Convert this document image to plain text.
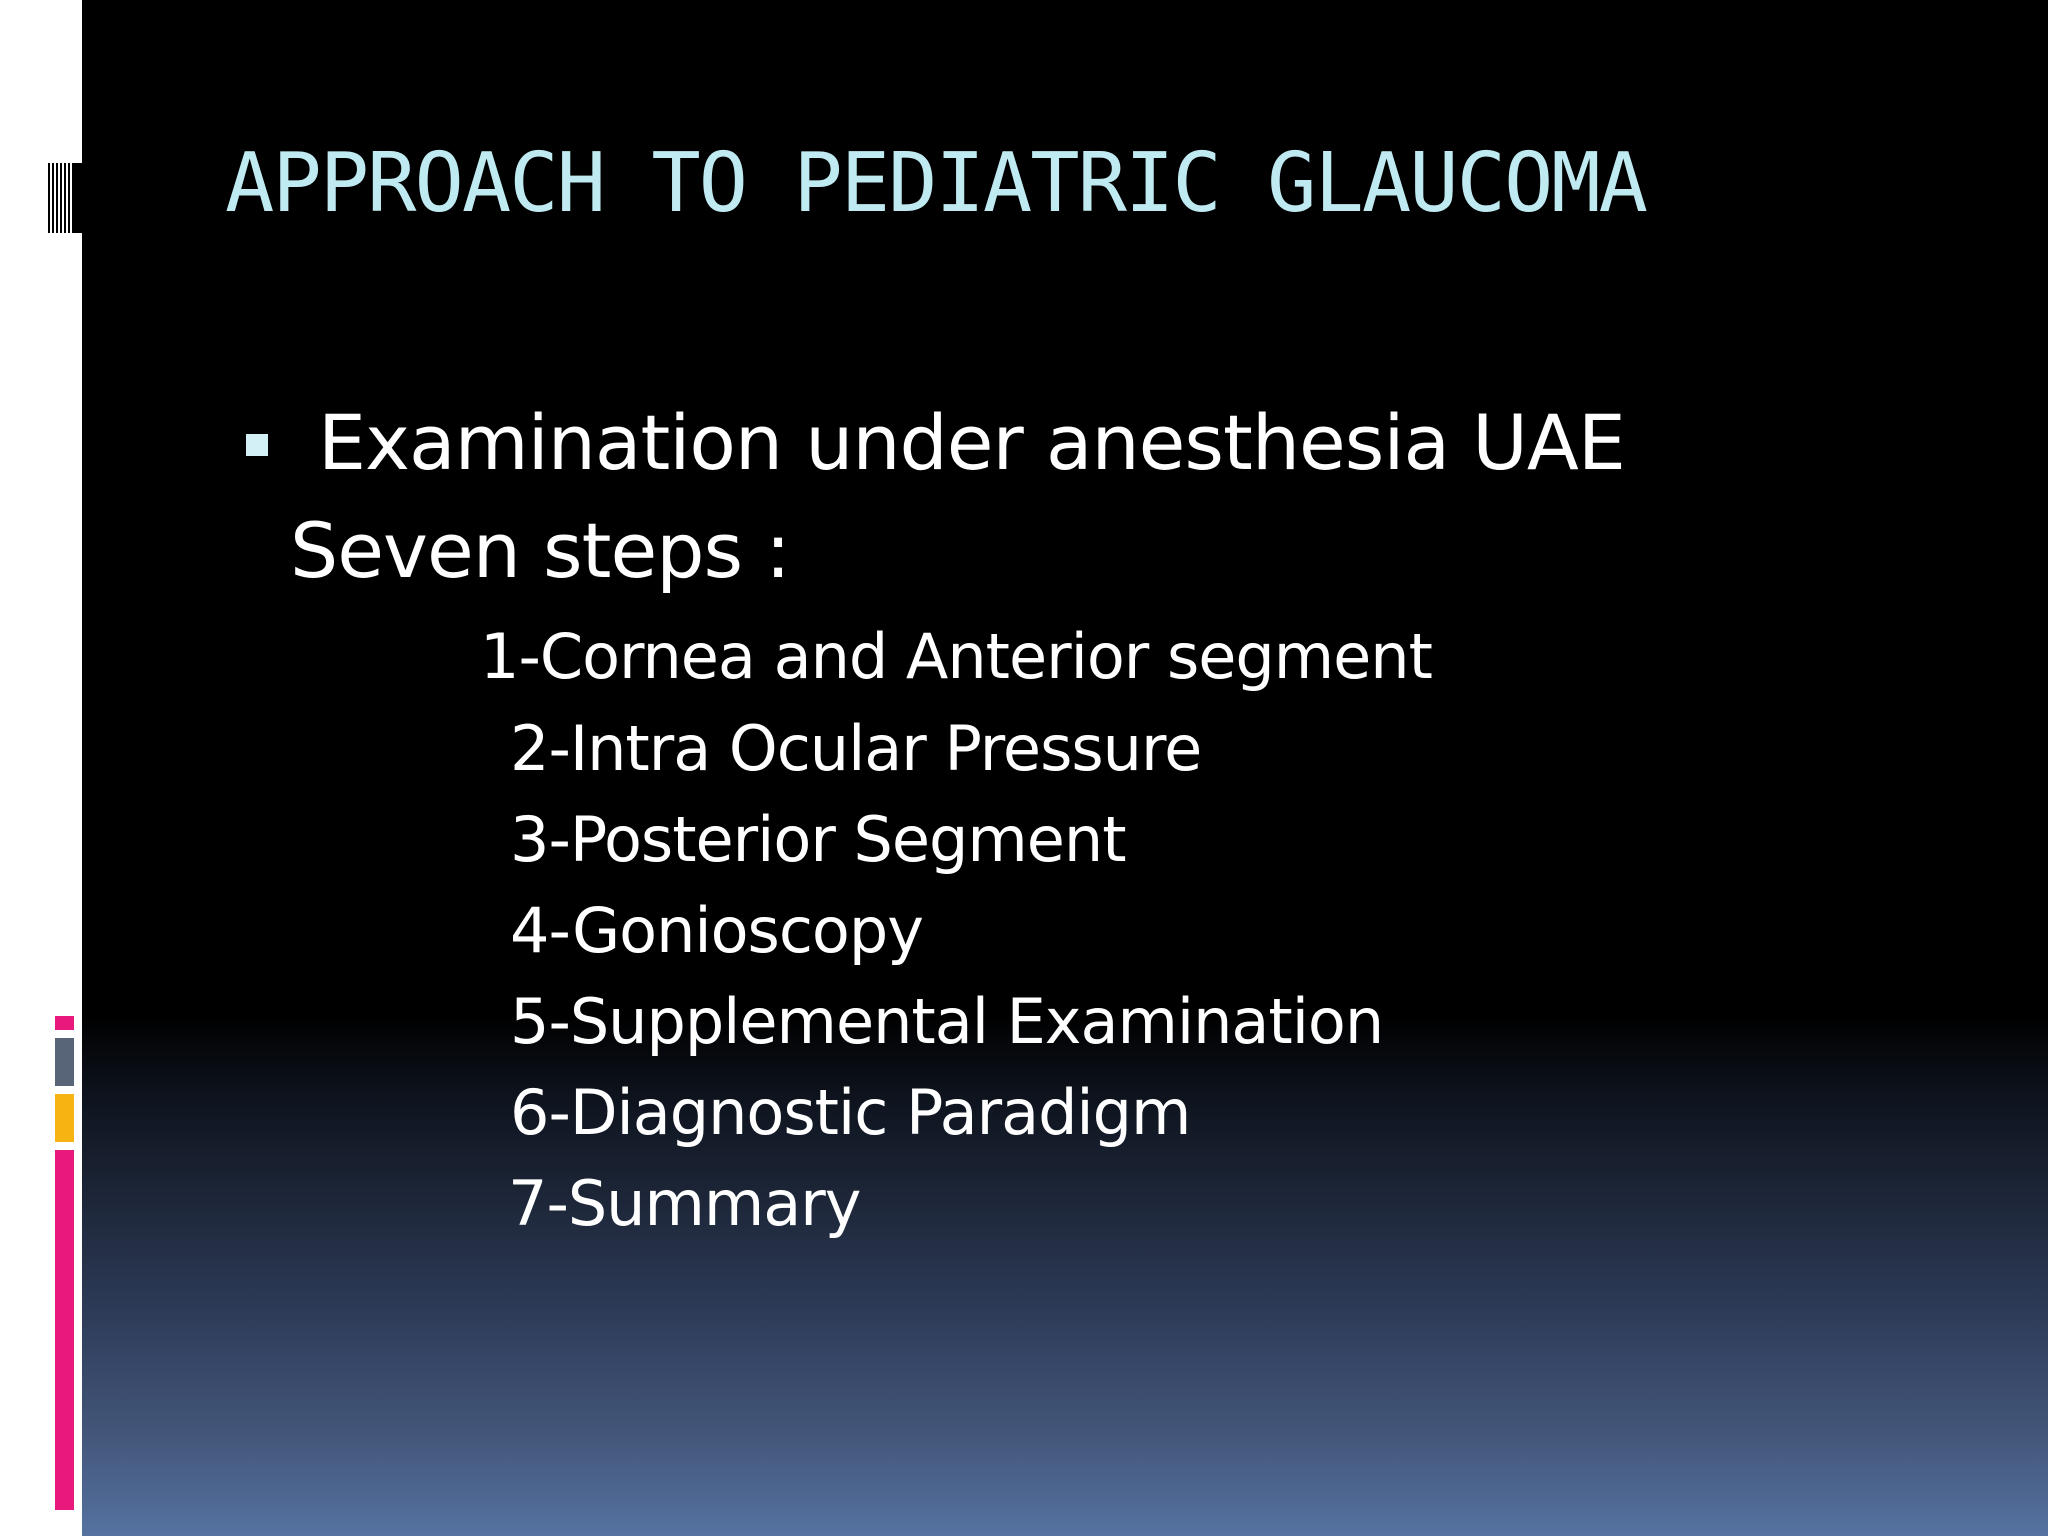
APPROACH TO PEDIATRIC GLAUCOMA
Examination under anesthesia UAE
Seven steps :
1-Cornea and Anterior segment
2-Intra Ocular Pressure
3-Posterior Segment
4-Gonioscopy
5-Supplemental Examination
6-Diagnostic Paradigm
7-Summary
